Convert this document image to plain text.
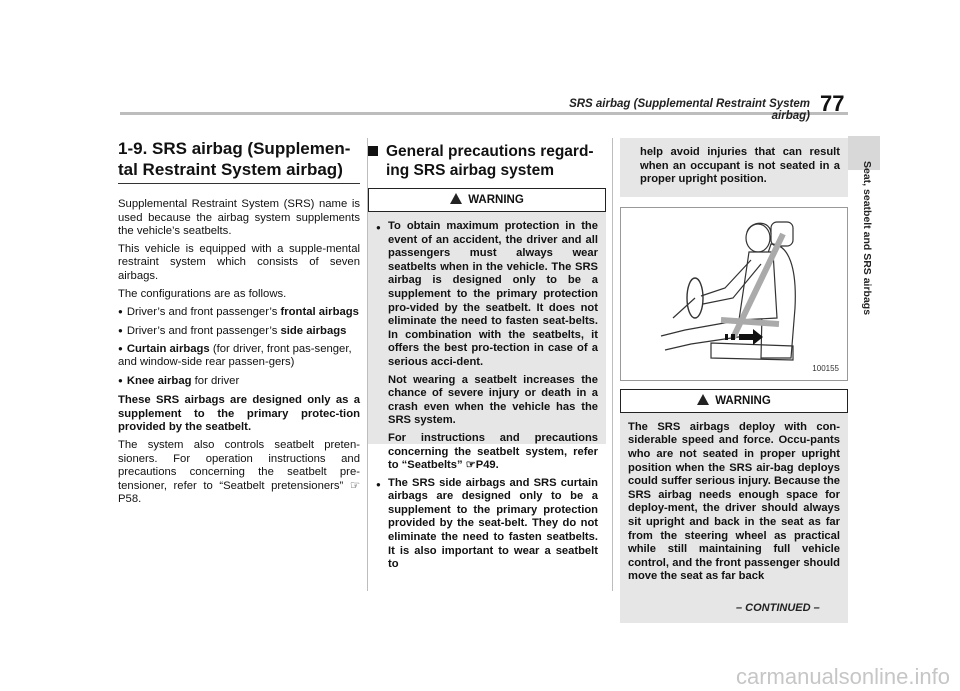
SRS airbag (Supplemental Restraint System airbag) 77
Seat, seatbelt and SRS airbags
1-9. SRS airbag (Supplemen-
tal Restraint System airbag)

Supplemental Restraint System (SRS) name is used because the airbag system supplements the vehicle’s seatbelts.

This vehicle is equipped with a supple-mental restraint system which consists of seven airbags.

The configurations are as follows.

● Driver’s and front passenger’s frontal airbags
● Driver’s and front passenger’s side airbags
● Curtain airbags (for driver, front pas-senger, and window-side rear passen-gers)
● Knee airbag for driver

These SRS airbags are designed only as a supplement to the primary protec-tion provided by the seatbelt.

The system also controls seatbelt preten-sioners. For operation instructions and precautions concerning the seatbelt pre-tensioner, refer to “Seatbelt pretensioners” ☞P58.

General precautions regard-
ing SRS airbag system
WARNING
● To obtain maximum protection in the event of an accident, the driver and all passengers must always wear seatbelts when in the vehicle. The SRS airbag is designed only to be a supplement to the primary protection pro-vided by the seatbelt. It does not eliminate the need to fasten seat-belts. In combination with the seatbelts, it offers the best pro-tection in case of a serious acci-dent.

Not wearing a seatbelt increases the chance of severe injury or death in a crash even when the vehicle has the SRS system.

For instructions and precautions concerning the seatbelt system, refer to “Seatbelts” ☞P49.

● The SRS side airbags and SRS curtain airbags are designed only to be a supplement to the primary protection provided by the seat-belt. They do not eliminate the need to fasten seatbelts. It is also important to wear a seatbelt to

help avoid injuries that can result when an occupant is not seated in a proper upright position.

100155
WARNING

The SRS airbags deploy with con-siderable speed and force. Occu-pants who are not seated in proper upright position when the SRS air-bag deploys could suffer serious injury. Because the SRS airbag needs enough space for deploy-ment, the driver should always sit upright and back in the seat as far from the steering wheel as practical while still maintaining full vehicle control, and the front passenger should move the seat as far back

– CONTINUED –
carmanualsonline.info
